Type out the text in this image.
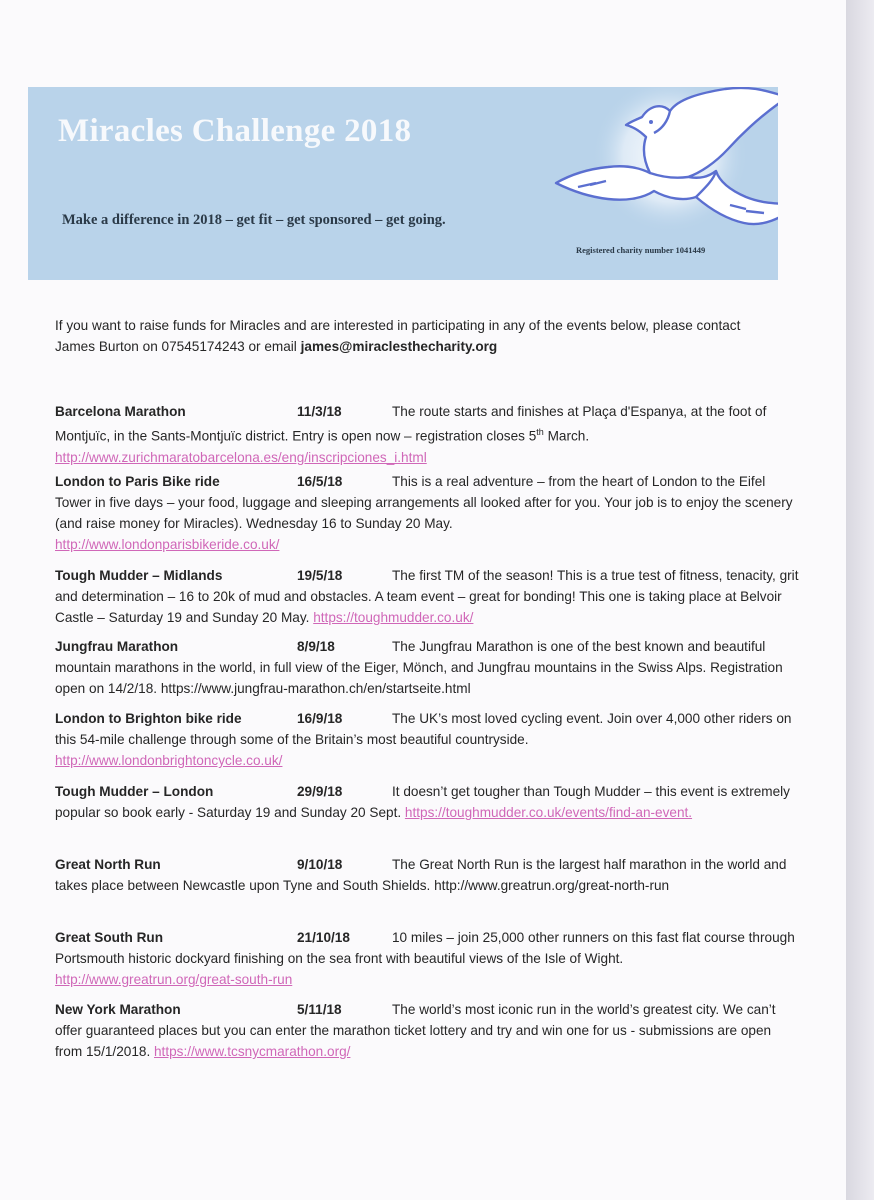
Miracles Challenge 2018
Make a difference in 2018 – get fit – get sponsored – get going.
Registered charity number 1041449
If you want to raise funds for Miracles and are interested in participating in any of the events below, please contact James Burton on 07545174243 or email james@miraclesthecharity.org
Barcelona Marathon	11/3/18	The route starts and finishes at Plaça d'Espanya, at the foot of Montjuïc, in the Sants-Montjuïc district. Entry is open now – registration closes 5th March.
http://www.zurichmaratobarcelona.es/eng/inscripciones_i.html
London to Paris Bike ride	16/5/18	This is a real adventure – from the heart of London to the Eifel Tower in five days – your food, luggage and sleeping arrangements all looked after for you. Your job is to enjoy the scenery (and raise money for Miracles). Wednesday 16 to Sunday 20 May.
http://www.londonparisbikeride.co.uk/
Tough Mudder – Midlands	19/5/18	The first TM of the season! This is a true test of fitness, tenacity, grit and determination – 16 to 20k of mud and obstacles. A team event – great for bonding! This one is taking place at Belvoir Castle – Saturday 19 and Sunday 20 May. https://toughmudder.co.uk/
Jungfrau Marathon	8/9/18	The Jungfrau Marathon is one of the best known and beautiful mountain marathons in the world, in full view of the Eiger, Mönch, and Jungfrau mountains in the Swiss Alps. Registration open on 14/2/18. https://www.jungfrau-marathon.ch/en/startseite.html
London to Brighton bike ride	16/9/18	The UK’s most loved cycling event. Join over 4,000 other riders on this 54-mile challenge through some of the Britain’s most beautiful countryside.
http://www.londonbrightoncycle.co.uk/
Tough Mudder – London	29/9/18	It doesn’t get tougher than Tough Mudder – this event is extremely popular so book early - Saturday 19 and Sunday 20 Sept. https://toughmudder.co.uk/events/find-an-event.
Great North Run	9/10/18	The Great North Run is the largest half marathon in the world and takes place between Newcastle upon Tyne and South Shields. http://www.greatrun.org/great-north-run
Great South Run	21/10/18	10 miles – join 25,000 other runners on this fast flat course through Portsmouth historic dockyard finishing on the sea front with beautiful views of the Isle of Wight.
http://www.greatrun.org/great-south-run
New York Marathon	5/11/18	The world’s most iconic run in the world’s greatest city. We can’t offer guaranteed places but you can enter the marathon ticket lottery and try and win one for us - submissions are open from 15/1/2018. https://www.tcsnycmarathon.org/
